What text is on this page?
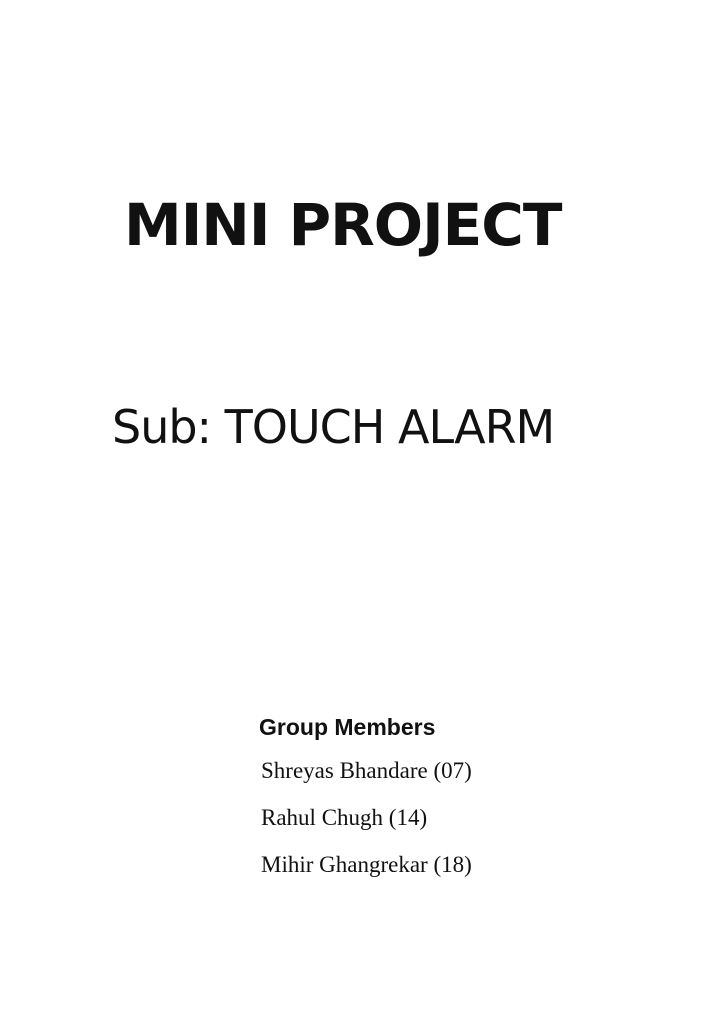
MINI PROJECT
Sub: TOUCH ALARM
Group Members
Shreyas Bhandare (07)
Rahul Chugh (14)
Mihir Ghangrekar (18)
